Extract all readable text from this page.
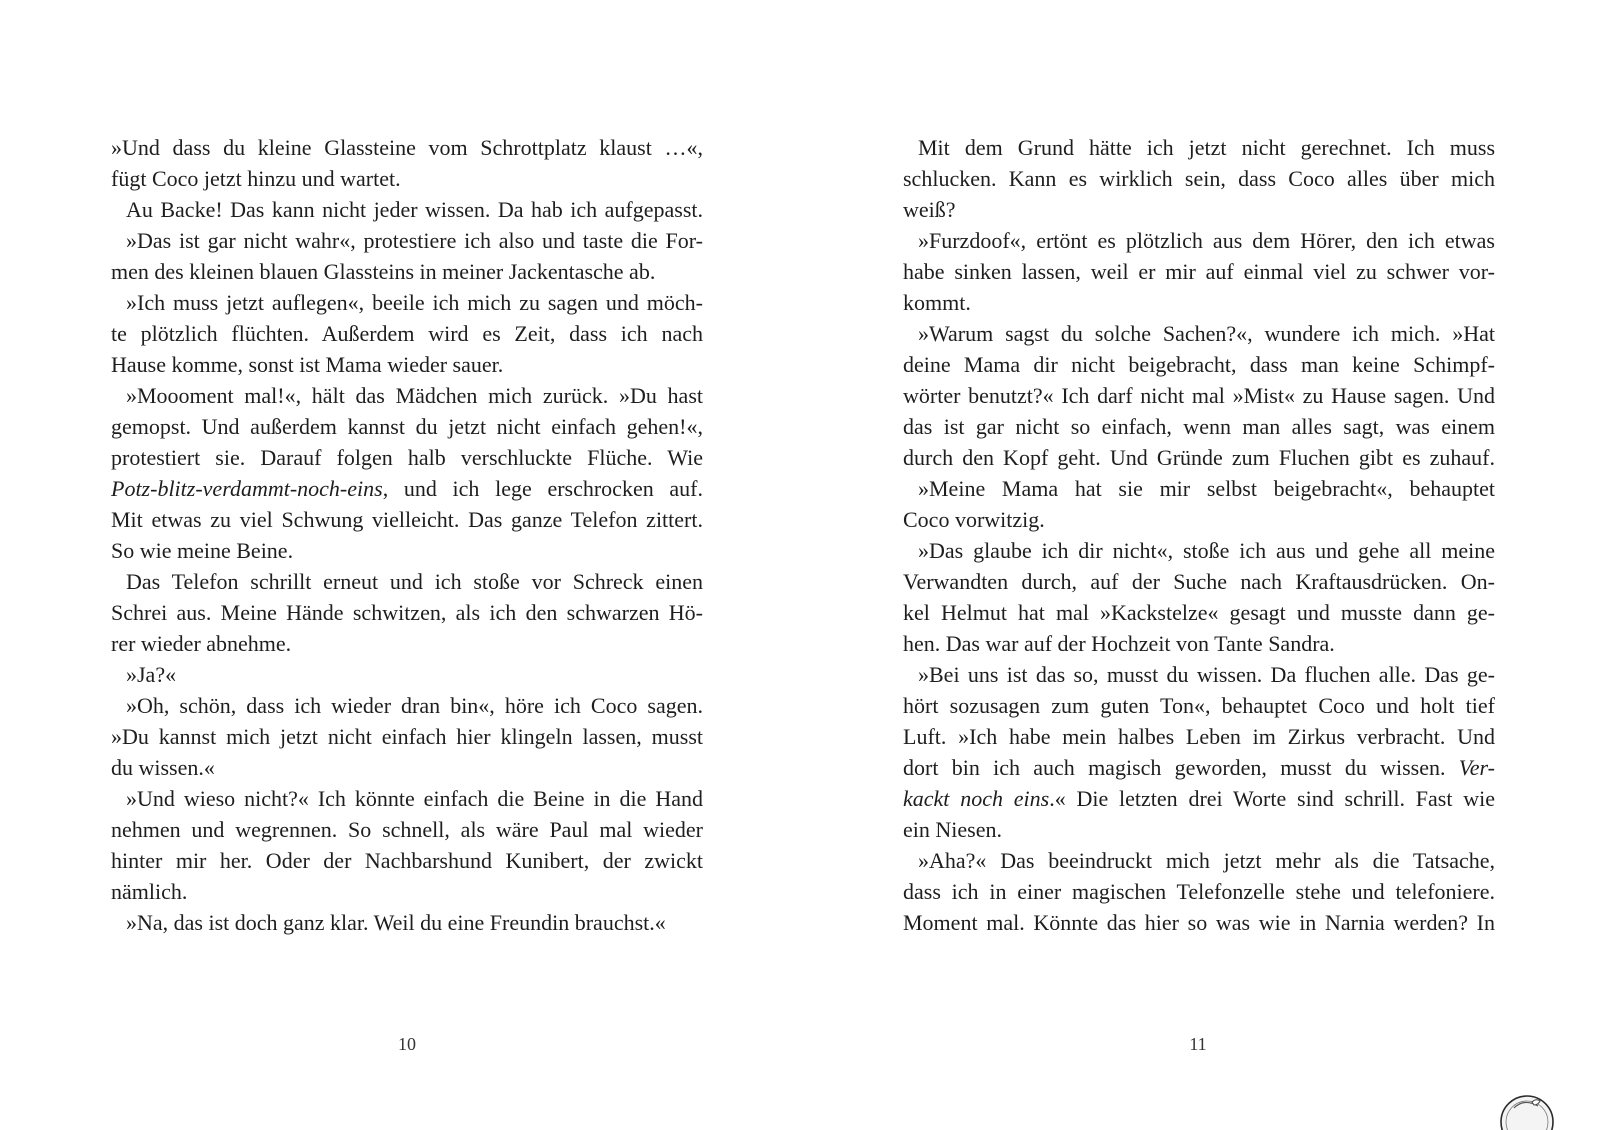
»Und dass du kleine Glassteine vom Schrottplatz klaust …«,
fügt Coco jetzt hinzu und wartet.
Au Backe! Das kann nicht jeder wissen. Da hab ich aufgepasst.
»Das ist gar nicht wahr«, protestiere ich also und taste die For-
men des kleinen blauen Glassteins in meiner Jackentasche ab.
»Ich muss jetzt auflegen«, beeile ich mich zu sagen und möch-
te plötzlich flüchten. Außerdem wird es Zeit, dass ich nach
Hause komme, sonst ist Mama wieder sauer.
»Moooment mal!«, hält das Mädchen mich zurück. »Du hast
gemopst. Und außerdem kannst du jetzt nicht einfach gehen!«,
protestiert sie. Darauf folgen halb verschluckte Flüche. Wie
Potz-blitz-verdammt-noch-eins, und ich lege erschrocken auf.
Mit etwas zu viel Schwung vielleicht. Das ganze Telefon zittert.
So wie meine Beine.
Das Telefon schrillt erneut und ich stoße vor Schreck einen
Schrei aus. Meine Hände schwitzen, als ich den schwarzen Hö-
rer wieder abnehme.
»Ja?«
»Oh, schön, dass ich wieder dran bin«, höre ich Coco sagen.
»Du kannst mich jetzt nicht einfach hier klingeln lassen, musst
du wissen.«
»Und wieso nicht?« Ich könnte einfach die Beine in die Hand
nehmen und wegrennen. So schnell, als wäre Paul mal wieder
hinter mir her. Oder der Nachbarshund Kunibert, der zwickt
nämlich.
»Na, das ist doch ganz klar. Weil du eine Freundin brauchst.«
Mit dem Grund hätte ich jetzt nicht gerechnet. Ich muss
schlucken. Kann es wirklich sein, dass Coco alles über mich
weiß?
»Furzdoof«, ertönt es plötzlich aus dem Hörer, den ich etwas
habe sinken lassen, weil er mir auf einmal viel zu schwer vor-
kommt.
»Warum sagst du solche Sachen?«, wundere ich mich. »Hat
deine Mama dir nicht beigebracht, dass man keine Schimpf-
wörter benutzt?« Ich darf nicht mal »Mist« zu Hause sagen. Und
das ist gar nicht so einfach, wenn man alles sagt, was einem
durch den Kopf geht. Und Gründe zum Fluchen gibt es zuhauf.
»Meine Mama hat sie mir selbst beigebracht«, behauptet
Coco vorwitzig.
»Das glaube ich dir nicht«, stoße ich aus und gehe all meine
Verwandten durch, auf der Suche nach Kraftausdrücken. On-
kel Helmut hat mal »Kackstelze« gesagt und musste dann ge-
hen. Das war auf der Hochzeit von Tante Sandra.
»Bei uns ist das so, musst du wissen. Da fluchen alle. Das ge-
hört sozusagen zum guten Ton«, behauptet Coco und holt tief
Luft. »Ich habe mein halbes Leben im Zirkus verbracht. Und
dort bin ich auch magisch geworden, musst du wissen. Ver-
kackt noch eins.« Die letzten drei Worte sind schrill. Fast wie
ein Niesen.
»Aha?« Das beeindruckt mich jetzt mehr als die Tatsache,
dass ich in einer magischen Telefonzelle stehe und telefoniere.
Moment mal. Könnte das hier so was wie in Narnia werden? In
10	11
